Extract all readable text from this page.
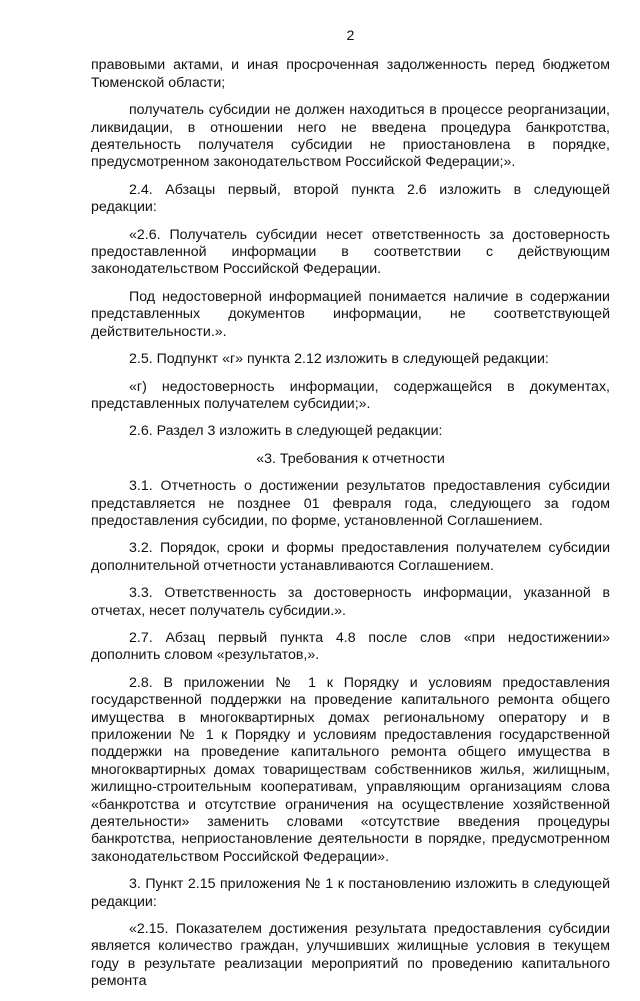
2

правовыми актами, и иная просроченная задолженность перед бюджетом Тюменской области;

получатель субсидии не должен находиться в процессе реорганизации, ликвидации, в отношении него не введена процедура банкротства, деятельность получателя субсидии не приостановлена в порядке, предусмотренном законодательством Российской Федерации;».

2.4. Абзацы первый, второй пункта 2.6 изложить в следующей редакции:

«2.6. Получатель субсидии несет ответственность за достоверность предоставленной информации в соответствии с действующим законодательством Российской Федерации.

Под недостоверной информацией понимается наличие в содержании представленных документов информации, не соответствующей действительности.».

2.5. Подпункт «г» пункта 2.12 изложить в следующей редакции:

«г) недостоверность информации, содержащейся в документах, представленных получателем субсидии;».

2.6. Раздел 3 изложить в следующей редакции:

«3. Требования к отчетности

3.1. Отчетность о достижении результатов предоставления субсидии представляется не позднее 01 февраля года, следующего за годом предоставления субсидии, по форме, установленной Соглашением.

3.2. Порядок, сроки и формы предоставления получателем субсидии дополнительной отчетности устанавливаются Соглашением.

3.3. Ответственность за достоверность информации, указанной в отчетах, несет получатель субсидии.».

2.7. Абзац первый пункта 4.8 после слов «при недостижении» дополнить словом «результатов,».

2.8. В приложении № 1 к Порядку и условиям предоставления государственной поддержки на проведение капитального ремонта общего имущества в многоквартирных домах региональному оператору и в приложении № 1 к Порядку и условиям предоставления государственной поддержки на проведение капитального ремонта общего имущества в многоквартирных домах товариществам собственников жилья, жилищным, жилищно-строительным кооперативам, управляющим организациям слова «банкротства и отсутствие ограничения на осуществление хозяйственной деятельности» заменить словами «отсутствие введения процедуры банкротства, неприостановление деятельности в порядке, предусмотренном законодательством Российской Федерации».

3. Пункт 2.15 приложения № 1 к постановлению изложить в следующей редакции:

«2.15. Показателем достижения результата предоставления субсидии является количество граждан, улучшивших жилищные условия в текущем году в результате реализации мероприятий по проведению капитального ремонта
